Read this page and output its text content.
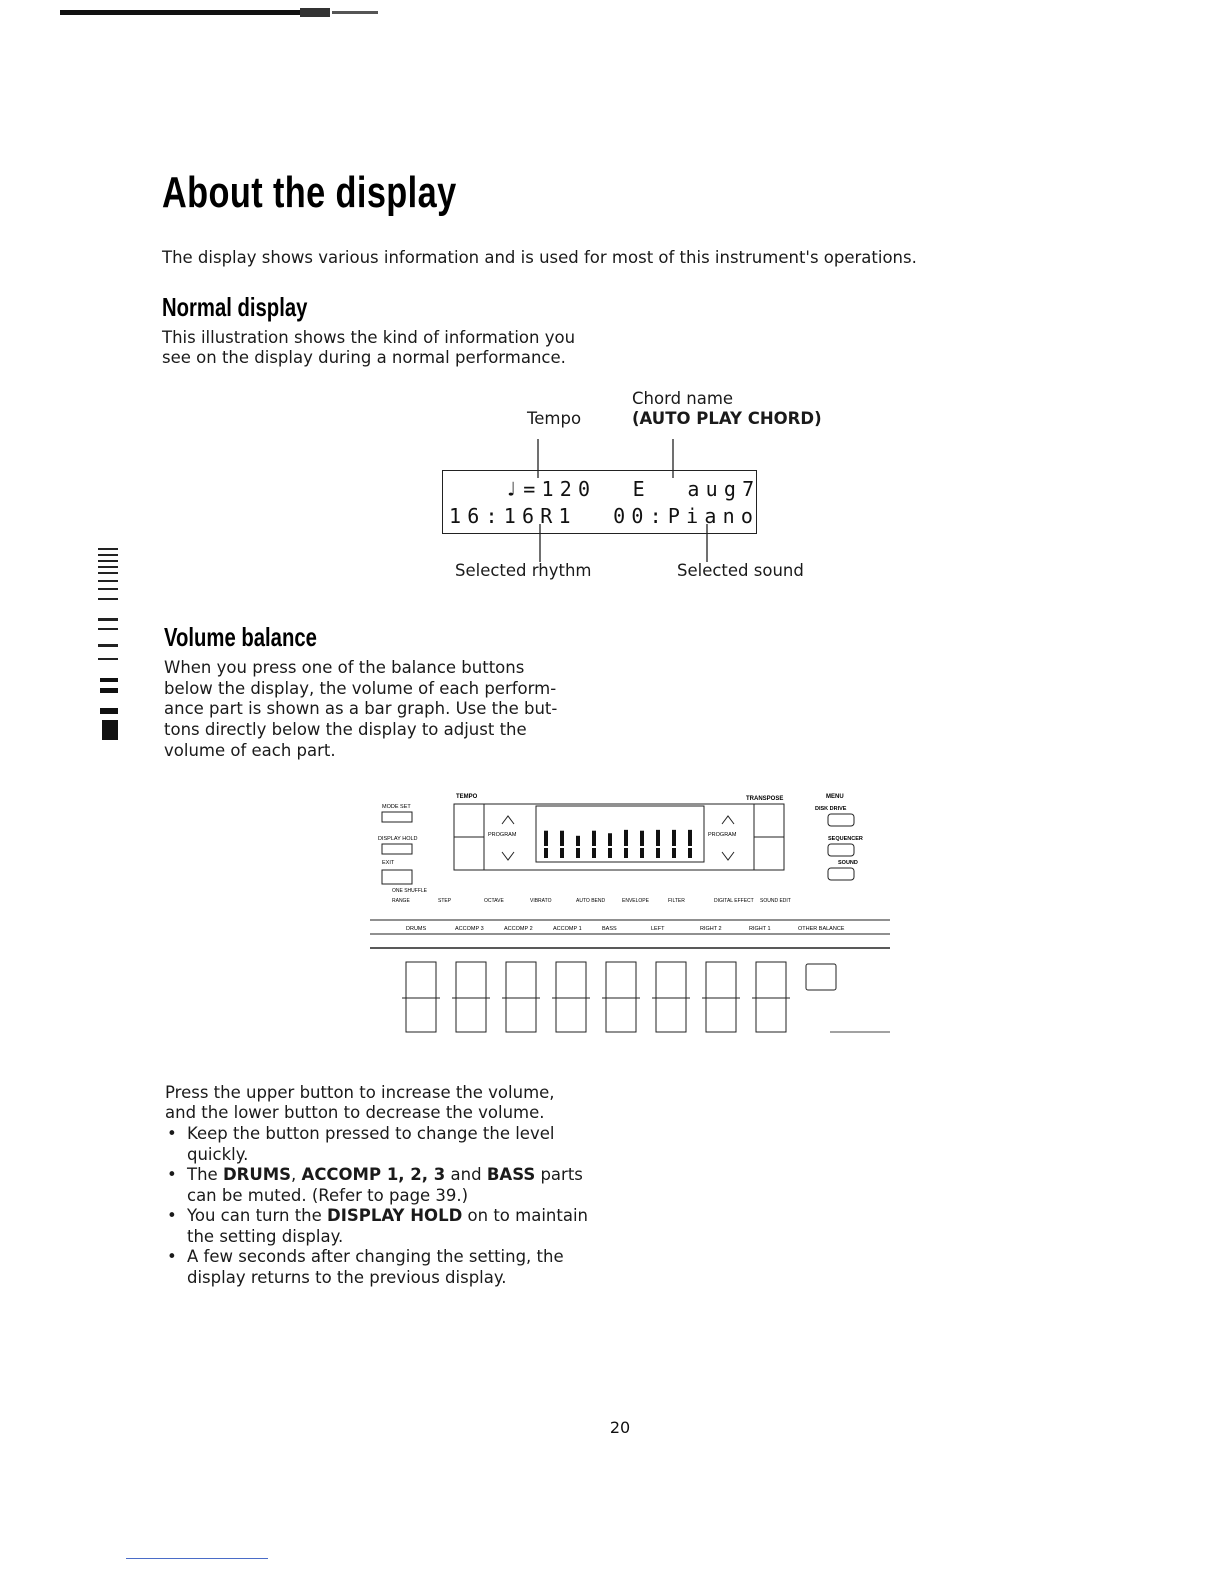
About the display
The display shows various information and is used for most of this instrument's operations.
Normal display
This illustration shows the kind of information you
see on the display during a normal performance.
Chord name
(AUTO PLAY CHORD)
Tempo
♩=120  E  aug7
16:16R1  00:Piano
Selected rhythm	Selected sound
Volume balance
When you press one of the balance buttons
below the display, the volume of each perform-
ance part is shown as a bar graph. Use the but-
tons directly below the display to adjust the
volume of each part.
TEMPO	TRANSPOSE	MENU
MODE SET
DISPLAY HOLD
EXIT
DISK DRIVE
SEQUENCER
SOUND
PROGRAM	PROGRAM
ONE SHUFFLE
RANGE	STEP	OCTAVE	VIBRATO	AUTO BEND	ENVELOPE	FILTER	DIGITAL EFFECT SOUND EDIT
DRUMS	ACCOMP 3	ACCOMP 2	ACCOMP 1	BASS	LEFT	RIGHT 2	RIGHT 1	OTHER BALANCE
Press the upper button to increase the volume,
and the lower button to decrease the volume.
• Keep the button pressed to change the level quickly.
• The DRUMS, ACCOMP 1, 2, 3 and BASS parts can be muted. (Refer to page 39.)
• You can turn the DISPLAY HOLD on to maintain the setting display.
• A few seconds after changing the setting, the display returns to the previous display.
20
